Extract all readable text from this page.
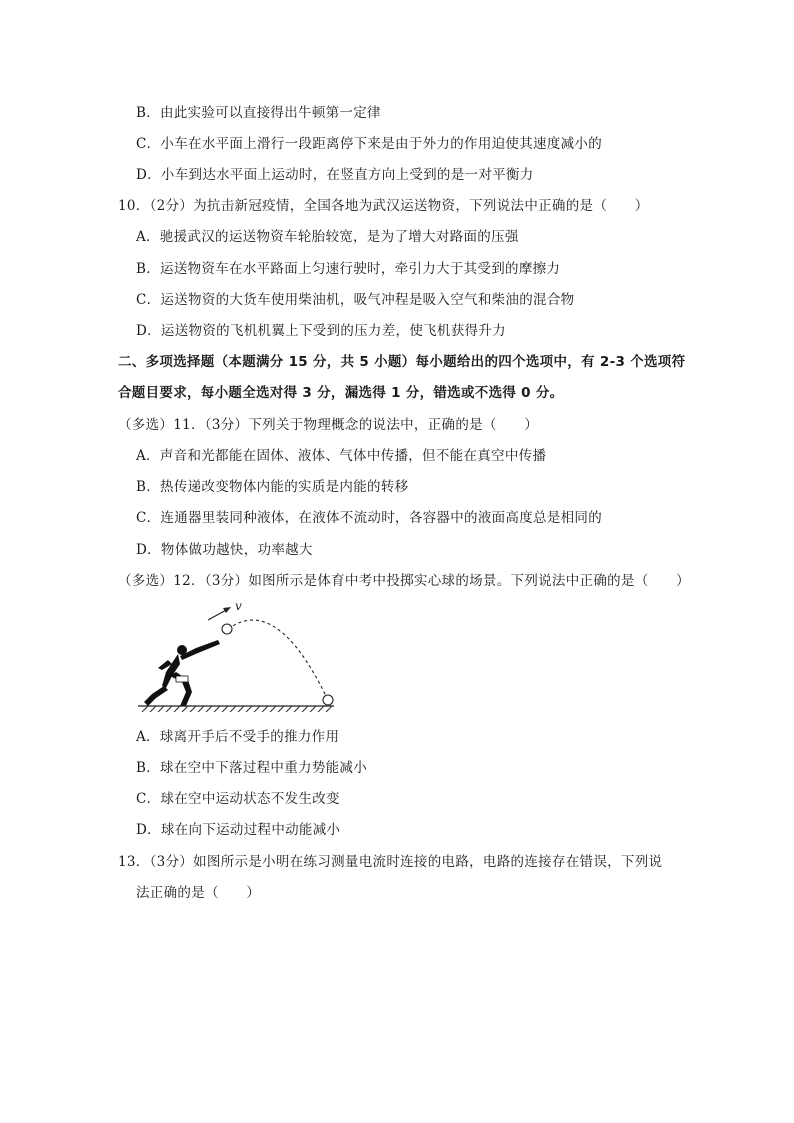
B．由此实验可以直接得出牛顿第一定律
C．小车在水平面上滑行一段距离停下来是由于外力的作用迫使其速度减小的
D．小车到达水平面上运动时，在竖直方向上受到的是一对平衡力
10．（2分）为抗击新冠疫情，全国各地为武汉运送物资，下列说法中正确的是（　　）
A．驰援武汉的运送物资车轮胎较宽，是为了增大对路面的压强
B．运送物资车在水平路面上匀速行驶时，牵引力大于其受到的摩擦力
C．运送物资的大货车使用柴油机，吸气冲程是吸入空气和柴油的混合物
D．运送物资的飞机机翼上下受到的压力差，使飞机获得升力
二、多项选择题（本题满分 15 分，共 5 小题）每小题给出的四个选项中，有 2-3 个选项符
合题目要求，每小题全选对得 3 分，漏选得 1 分，错选或不选得 0 分。
（多选）11．（3分）下列关于物理概念的说法中，正确的是（　　）
A．声音和光都能在固体、液体、气体中传播，但不能在真空中传播
B．热传递改变物体内能的实质是内能的转移
C．连通器里装同种液体，在液体不流动时，各容器中的液面高度总是相同的
D．物体做功越快，功率越大
（多选）12．（3分）如图所示是体育中考中投掷实心球的场景。下列说法中正确的是（　　）
v
A．球离开手后不受手的推力作用
B．球在空中下落过程中重力势能减小
C．球在空中运动状态不发生改变
D．球在向下运动过程中动能减小
13．（3分）如图所示是小明在练习测量电流时连接的电路，电路的连接存在错误，下列说
法正确的是（　　）
